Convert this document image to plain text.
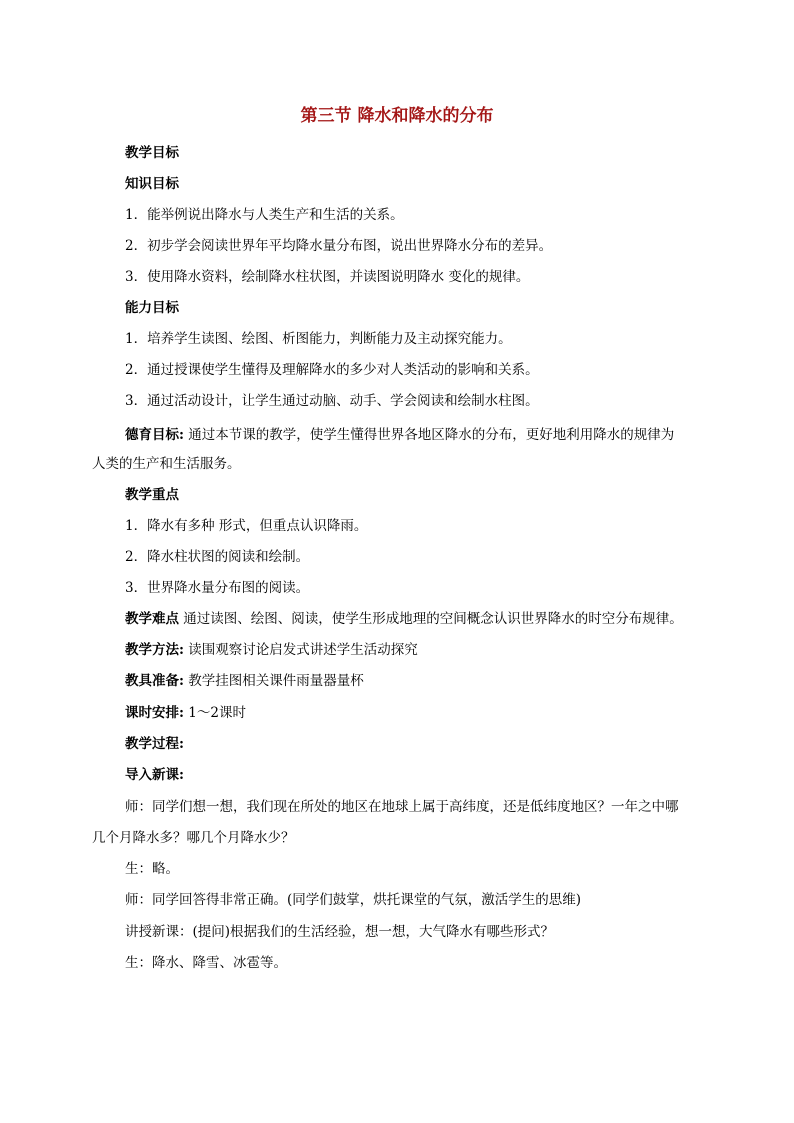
第三节 降水和降水的分布
教学目标
知识目标
1．能举例说出降水与人类生产和生活的关系。
2．初步学会阅读世界年平均降水量分布图，说出世界降水分布的差异。
3．使用降水资料，绘制降水柱状图，并读图说明降水 变化的规律。
能力目标
1．培养学生读图、绘图、析图能力，判断能力及主动探究能力。
2．通过授课使学生懂得及理解降水的多少对人类活动的影响和关系。
3．通过活动设计，让学生通过动脑、动手、学会阅读和绘制水柱图。
德育目标: 通过本节课的教学，使学生懂得世界各地区降水的分布，更好地利用降水的规律为
人类的生产和生活服务。
教学重点
1．降水有多种 形式，但重点认识降雨。
2．降水柱状图的阅读和绘制。
3．世界降水量分布图的阅读。
教学难点 通过读图、绘图、阅读，使学生形成地理的空间概念认识世界降水的时空分布规律。
教学方法: 读围观察讨论启发式讲述学生活动探究
教具准备: 教学挂图相关课件雨量器量杯
课时安排: 1～2课时
教学过程:
导入新课:
师：同学们想一想，我们现在所处的地区在地球上属于高纬度，还是低纬度地区？一年之中哪
几个月降水多？哪几个月降水少？
生：略。
师：同学回答得非常正确。(同学们鼓掌，烘托课堂的气氛，激活学生的思维)
讲授新课：(提问)根据我们的生活经验，想一想，大气降水有哪些形式？
生：降水、降雪、冰雹等。
